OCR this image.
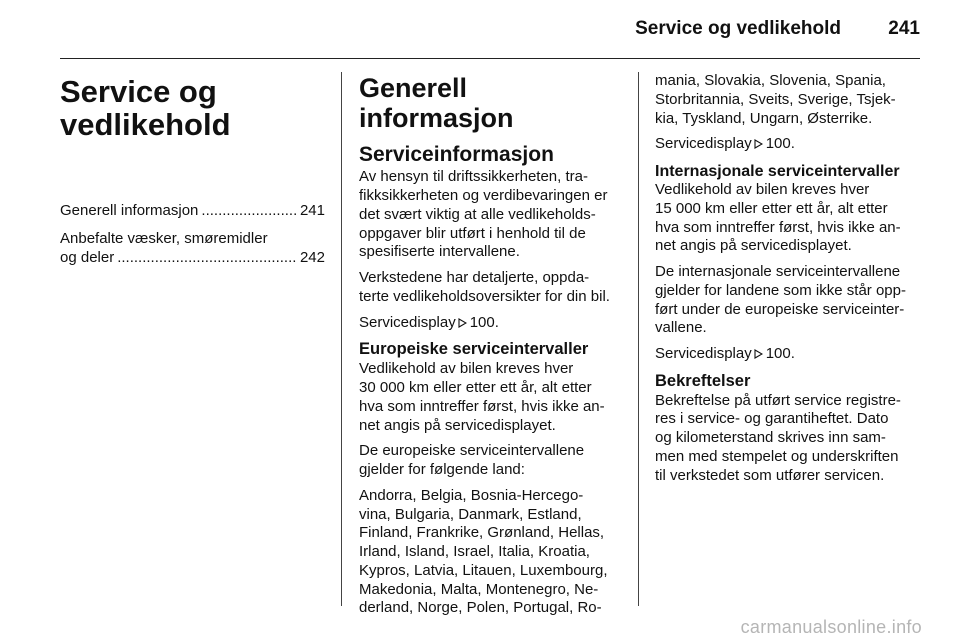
Service og vedlikehold 241
Service og
vedlikehold
Generell informasjon .....	241
Anbefalte væsker, smøremidler
og deler .....	242
Generell informasjon
Serviceinformasjon

Av hensyn til driftssikkerheten, tra-
fikksikkerheten og verdibevaringen er
det svært viktig at alle vedlikeholds-
oppgaver blir utført i henhold til de
spesifiserte intervallene.

Verkstedene har detaljerte, oppda-
terte vedlikeholdsoversikter for din bil.

Servicedisplay 100.

Europeiske serviceintervaller

Vedlikehold av bilen kreves hver
30 000 km eller etter ett år, alt etter
hva som inntreffer først, hvis ikke an-
net angis på servicedisplayet.

De europeiske serviceintervallene
gjelder for følgende land:

Andorra, Belgia, Bosnia-Hercego-
vina, Bulgaria, Danmark, Estland,
Finland, Frankrike, Grønland, Hellas,
Irland, Island, Israel, Italia, Kroatia,
Kypros, Latvia, Litauen, Luxembourg,
Makedonia, Malta, Montenegro, Ne-
derland, Norge, Polen, Portugal, Ro-

mania, Slovakia, Slovenia, Spania,
Storbritannia, Sveits, Sverige, Tsjek-
kia, Tyskland, Ungarn, Østerrike.

Servicedisplay 100.

Internasjonale serviceintervaller

Vedlikehold av bilen kreves hver
15 000 km eller etter ett år, alt etter
hva som inntreffer først, hvis ikke an-
net angis på servicedisplayet.

De internasjonale serviceintervallene
gjelder for landene som ikke står opp-
ført under de europeiske serviceinter-
vallene.

Servicedisplay 100.

Bekreftelser

Bekreftelse på utført service registre-
res i service- og garantiheftet. Dato
og kilometerstand skrives inn sam-
men med stempelet og underskriften
til verkstedet som utfører servicen.

carmanualsonline.info
